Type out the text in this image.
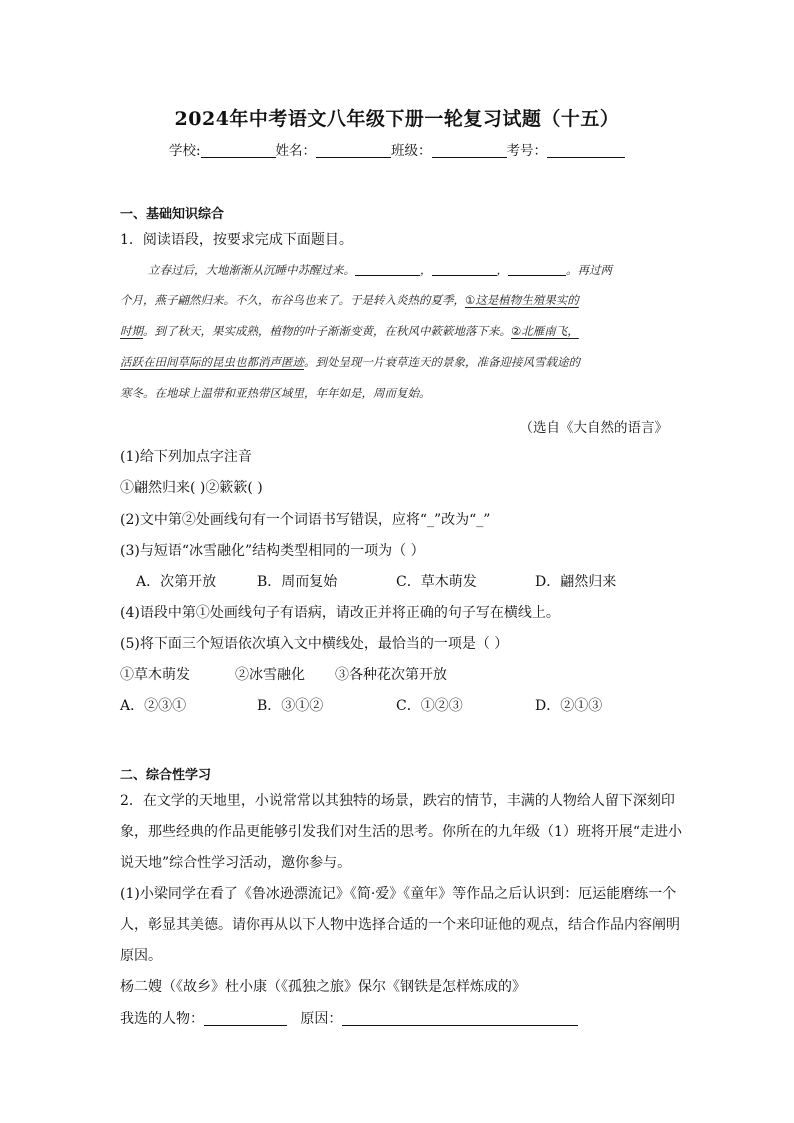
2024年中考语文八年级下册一轮复习试题（十五）
学校:	姓名：	班级：	考号：
一、基础知识综合
1．阅读语段，按要求完成下面题目。
立春过后，大地渐渐从沉睡中苏醒过来。	，	，	。再过两
个月，燕子翩然归来。不久，布谷鸟也来了。于是转入炎热的夏季，①这是植物生殖果实的
时期。到了秋天，果实成熟，植物的叶子渐渐变黄，在秋风中簌簌地落下来。②北雁南飞，
活跃在田间草际的昆虫也都消声匿迹。到处呈现一片衰草连天的景象，准备迎接风雪载途的
寒冬。在地球上温带和亚热带区域里，年年如是，周而复始。
（选自《大自然的语言》
(1)给下列加点字注音
①翩然归来( )②簌簌( )
(2)文中第②处画线句有一个词语书写错误，应将“_”改为“_”
(3)与短语“冰雪融化”结构类型相同的一项为（ ）
A．次第开放	B．周而复始	C．草木萌发	D．翩然归来
(4)语段中第①处画线句子有语病，请改正并将正确的句子写在横线上。
(5)将下面三个短语依次填入文中横线处，最恰当的一项是（ ）
①草木萌发	②冰雪融化 ③各种花次第开放
A．②③①	B．③①②	C．①②③	D．②①③
二、综合性学习
2．在文学的天地里，小说常常以其独特的场景，跌宕的情节，丰满的人物给人留下深刻印
象，那些经典的作品更能够引发我们对生活的思考。你所在的九年级（1）班将开展“走进小
说天地”综合性学习活动，邀你参与。
(1)小梁同学在看了《鲁冰逊漂流记》《简·爱》《童年》等作品之后认识到：厄运能磨练一个
人，彰显其美德。请你再从以下人物中选择合适的一个来印证他的观点，结合作品内容阐明
原因。
杨二嫂（《故乡》杜小康（《孤独之旅》保尔《钢铁是怎样炼成的》
我选的人物：	原因：
